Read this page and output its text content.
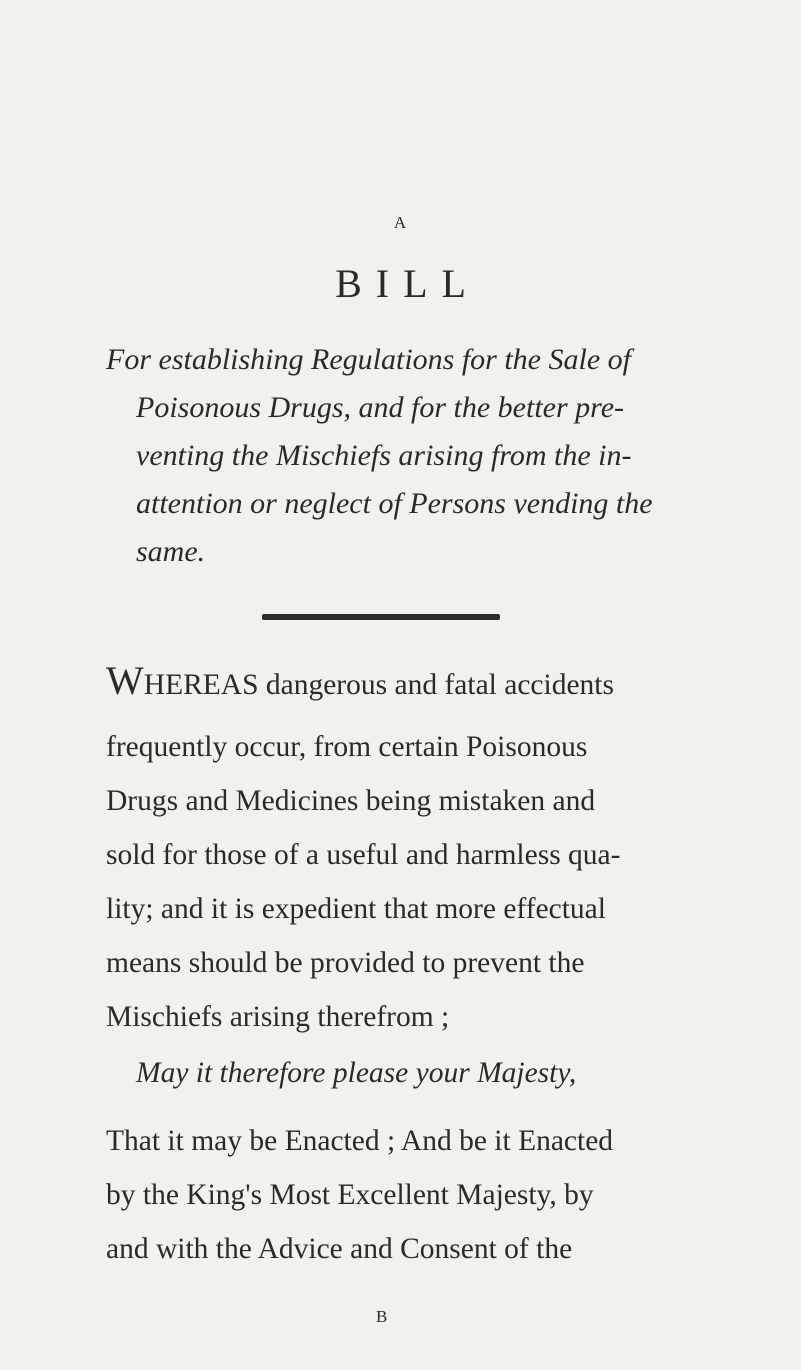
A
BILL
For establishing Regulations for the Sale of
Poisonous Drugs, and for the better pre-
venting the Mischiefs arising from the in-
attention or neglect of Persons vending the
same.
WHEREAS dangerous and fatal accidents
frequently occur, from certain Poisonous
Drugs and Medicines being mistaken and
sold for those of a useful and harmless qua-
lity; and it is expedient that more effectual
means should be provided to prevent the
Mischiefs arising therefrom ;
May it therefore please your Majesty,
That it may be Enacted ; And be it Enacted
by the King's Most Excellent Majesty, by
and with the Advice and Consent of the
B
